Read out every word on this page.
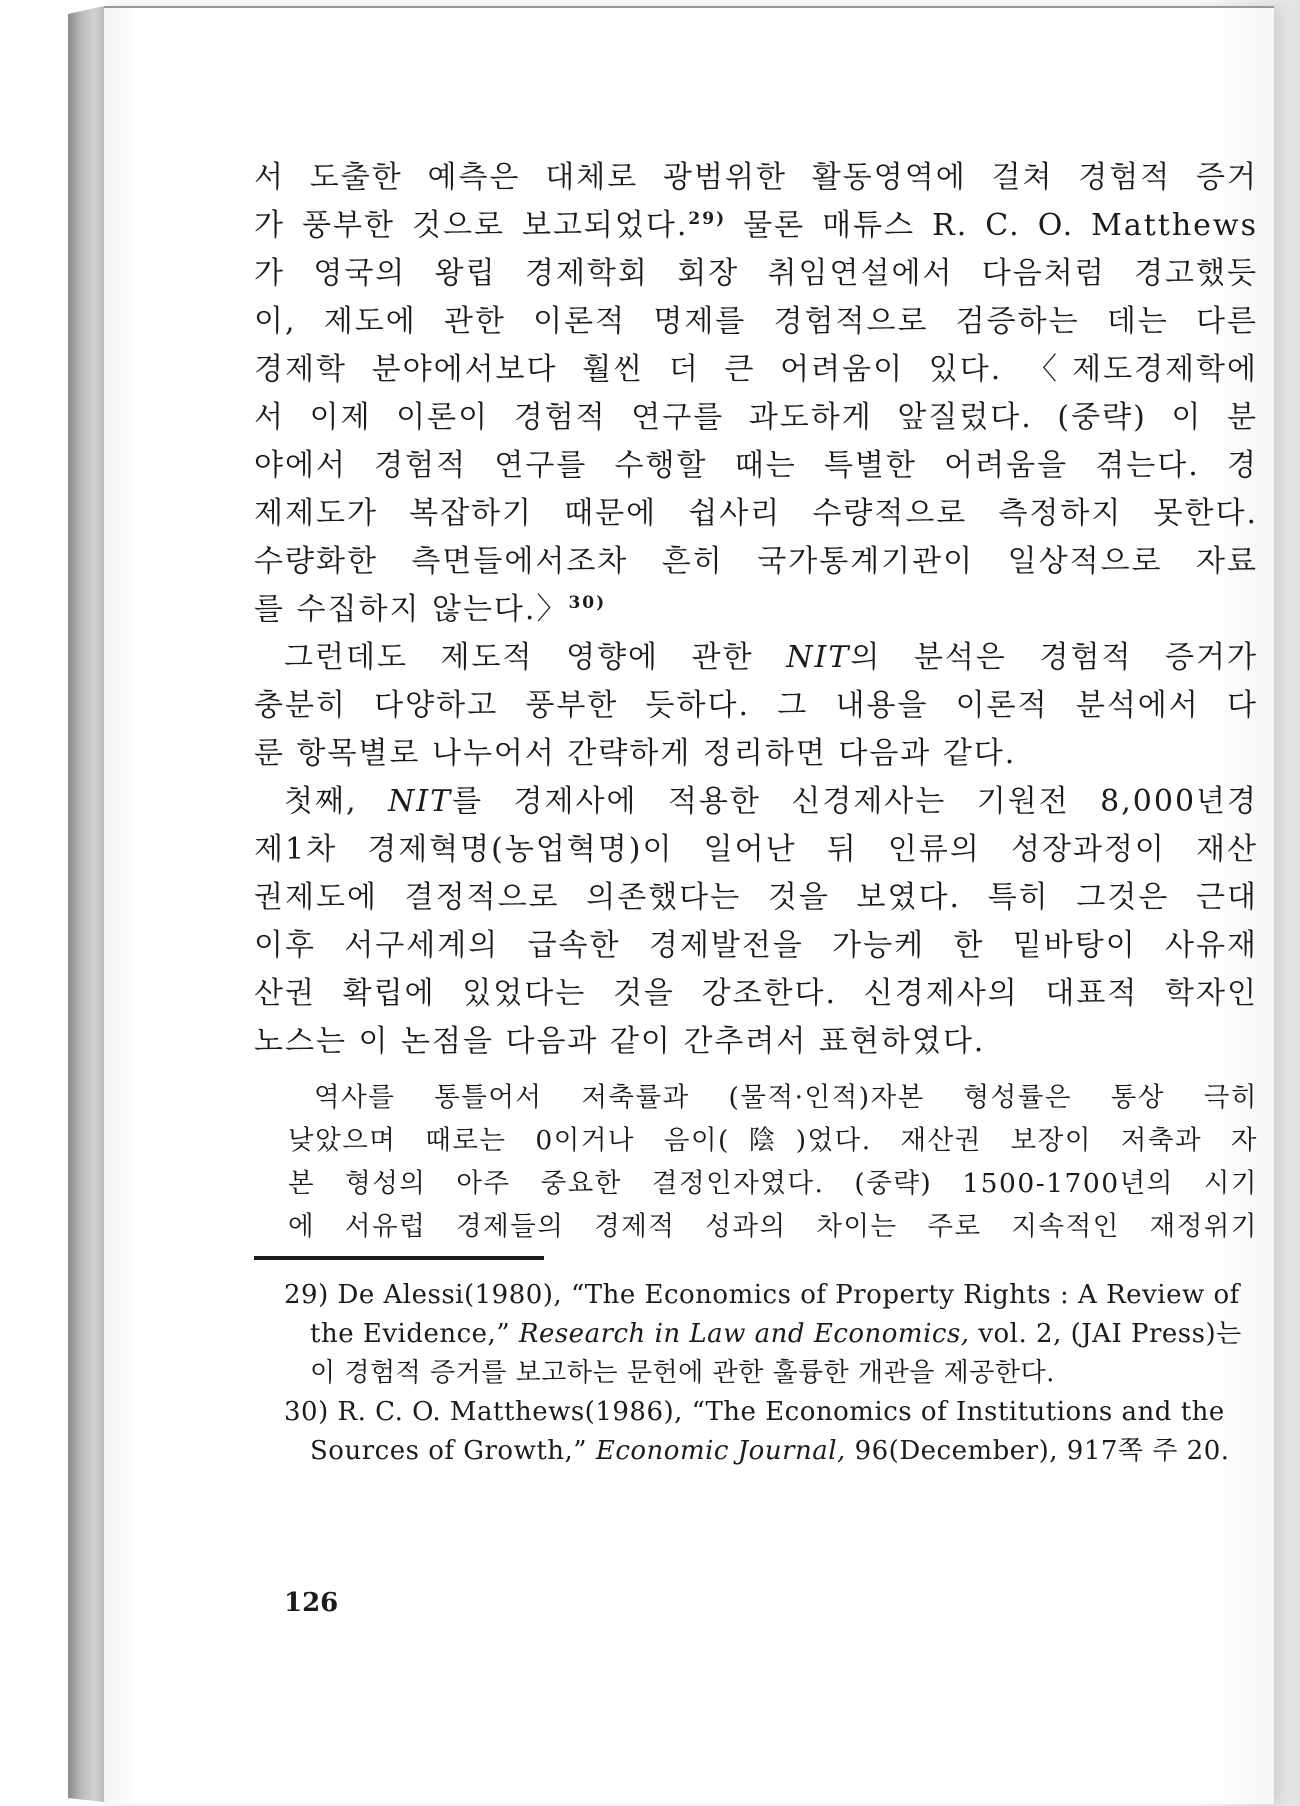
서 도출한 예측은 대체로 광범위한 활동영역에 걸쳐 경험적 증거
가 풍부한 것으로 보고되었다.$^{29)}$ 물론 매튜스 R. C. O. Matthews
가 영국의 왕립 경제학회 회장 취임연설에서 다음처럼 경고했듯
이, 제도에 관한 이론적 명제를 경험적으로 검증하는 데는 다른
경제학 분야에서보다 훨씬 더 큰 어려움이 있다. 〈제도경제학에
서 이제 이론이 경험적 연구를 과도하게 앞질렀다. (중략) 이 분
야에서 경험적 연구를 수행할 때는 특별한 어려움을 겪는다. 경
제제도가 복잡하기 때문에 쉽사리 수량적으로 측정하지 못한다.
수량화한 측면들에서조차 흔히 국가통계기관이 일상적으로 자료
를 수집하지 않는다.〉$^{30)}$
그런데도 제도적 영향에 관한 NIT의 분석은 경험적 증거가
충분히 다양하고 풍부한 듯하다. 그 내용을 이론적 분석에서 다
룬 항목별로 나누어서 간략하게 정리하면 다음과 같다.
첫째, NIT를 경제사에 적용한 신경제사는 기원전 8,000년경
제1차 경제혁명(농업혁명)이 일어난 뒤 인류의 성장과정이 재산
권제도에 결정적으로 의존했다는 것을 보였다. 특히 그것은 근대
이후 서구세계의 급속한 경제발전을 가능케 한 밑바탕이 사유재
산권 확립에 있었다는 것을 강조한다. 신경제사의 대표적 학자인
노스는 이 논점을 다음과 같이 간추려서 표현하였다.
역사를 통틀어서 저축률과 (물적·인적)자본 형성률은 통상 극히
낮았으며 때로는 0이거나 음이(陰)었다. 재산권 보장이 저축과 자
본 형성의 아주 중요한 결정인자였다. (중략) 1500-1700년의 시기
에 서유럽 경제들의 경제적 성과의 차이는 주로 지속적인 재정위기
29) De Alessi(1980), “The Economics of Property Rights : A Review of
the Evidence,” Research in Law and Economics, vol. 2, (JAI Press)는
이 경험적 증거를 보고하는 문헌에 관한 훌륭한 개관을 제공한다.
30) R. C. O. Matthews(1986), “The Economics of Institutions and the
Sources of Growth,” Economic Journal, 96(December), 917쪽 주 20.
126
